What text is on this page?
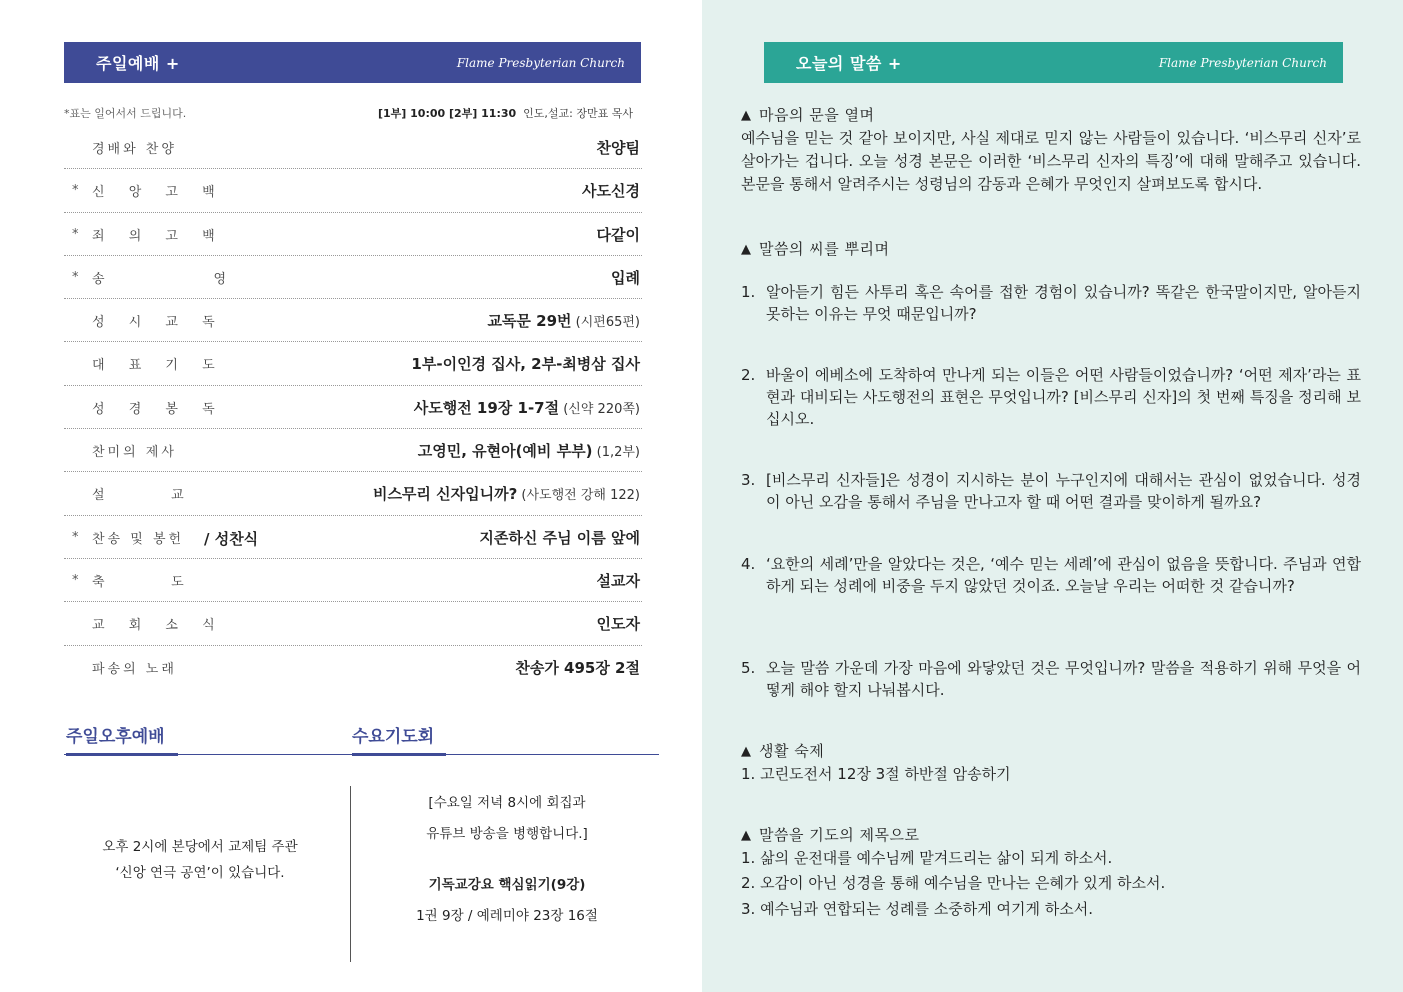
주일예배 +	Flame Presbyterian Church
*표는 일어서서 드립니다.	[1부] 10:00 [2부] 11:30 인도,설교: 장만표 목사
경배와 찬양	찬양팀
* 신 앙 고 백	사도신경
* 죄 의 고 백	다같이
* 송       영	입례
성 시 교 독	교독문 29번 (시편65편)
대 표 기 도	1부-이인경 집사, 2부-최병삼 집사
성 경 봉 독	사도행전 19장 1-7절 (신약 220쪽)
찬미의 제사	고영민, 유현아(예비 부부) (1,2부)
설    교	비스무리 신자입니까? (사도행전 강해 122)
* 찬송 및 봉헌 / 성찬식	지존하신 주님 이름 앞에
* 축    도	설교자
교 회 소 식	인도자
파송의 노래	찬송가 495장 2절
주일오후예배	수요기도회
오후 2시에 본당에서 교제팀 주관
‘신앙 연극 공연’이 있습니다.
[수요일 저녁 8시에 회집과
유튜브 방송을 병행합니다.]
기독교강요 핵심읽기(9강)
1권 9장 / 예레미야 23장 16절
오늘의 말씀 +	Flame Presbyterian Church
▲ 마음의 문을 열며
예수님을 믿는 것 같아 보이지만, 사실 제대로 믿지 않는 사람들이 있습니다. ‘비스무리 신자’로 살아가는 겁니다. 오늘 성경 본문은 이러한 ‘비스무리 신자의 특징’에 대해 말해주고 있습니다. 본문을 통해서 알려주시는 성령님의 감동과 은혜가 무엇인지 살펴보도록 합시다.
▲ 말씀의 씨를 뿌리며
1. 알아듣기 힘든 사투리 혹은 속어를 접한 경험이 있습니까? 똑같은 한국말이지만, 알아듣지 못하는 이유는 무엇 때문입니까?
2. 바울이 에베소에 도착하여 만나게 되는 이들은 어떤 사람들이었습니까? ‘어떤 제자’라는 표현과 대비되는 사도행전의 표현은 무엇입니까? [비스무리 신자]의 첫 번째 특징을 정리해 보십시오.
3. [비스무리 신자들]은 성경이 지시하는 분이 누구인지에 대해서는 관심이 없었습니다. 성경이 아닌 오감을 통해서 주님을 만나고자 할 때 어떤 결과를 맞이하게 될까요?
4. ‘요한의 세례’만을 알았다는 것은, ‘예수 믿는 세례’에 관심이 없음을 뜻합니다. 주님과 연합하게 되는 성례에 비중을 두지 않았던 것이죠. 오늘날 우리는 어떠한 것 같습니까?
5. 오늘 말씀 가운데 가장 마음에 와닿았던 것은 무엇입니까? 말씀을 적용하기 위해 무엇을 어떻게 해야 할지 나눠봅시다.
▲ 생활 숙제
1. 고린도전서 12장 3절 하반절 암송하기
▲ 말씀을 기도의 제목으로
1. 삶의 운전대를 예수님께 맡겨드리는 삶이 되게 하소서.
2. 오감이 아닌 성경을 통해 예수님을 만나는 은혜가 있게 하소서.
3. 예수님과 연합되는 성례를 소중하게 여기게 하소서.
